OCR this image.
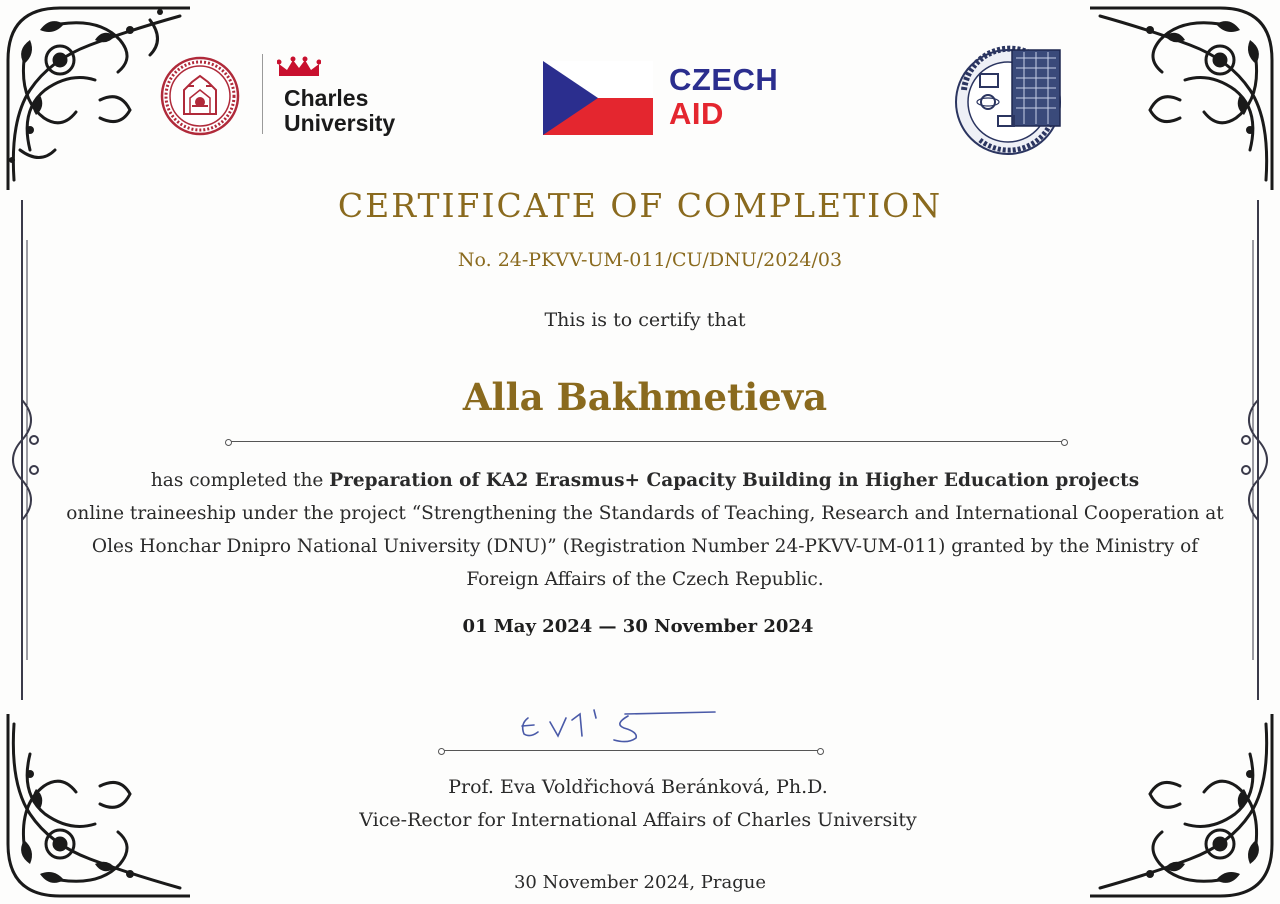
Charles
University
CZECH
AID
CERTIFICATE OF COMPLETION
No. 24-PKVV-UM-011/CU/DNU/2024/03
This is to certify that
Alla Bakhmetieva
has completed the Preparation of KA2 Erasmus+ Capacity Building in Higher Education projects
online traineeship under the project “Strengthening the Standards of Teaching, Research and International Cooperation at Oles Honchar Dnipro National University (DNU)” (Registration Number 24-PKVV-UM-011) granted by the Ministry of Foreign Affairs of the Czech Republic.
01 May 2024 — 30 November 2024
Prof. Eva Voldřichová Beránková, Ph.D.
Vice-Rector for International Affairs of Charles University
30 November 2024, Prague
